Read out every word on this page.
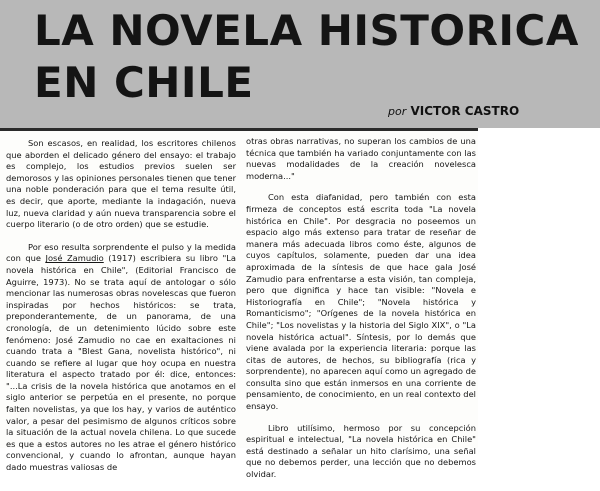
LA NOVELA HISTORICA
EN CHILE
por VICTOR CASTRO

Son escasos, en realidad, los escritores chilenos que aborden el delicado género del ensayo: el trabajo es complejo, los estudios previos suelen ser demorosos y las opiniones personales tienen que tener una noble ponderación para que el tema resulte útil, es decir, que aporte, mediante la indagación, nueva luz, nueva claridad y aún nueva transparencia sobre el cuerpo literario (o de otro orden) que se estudie.

Por eso resulta sorprendente el pulso y la medida con que José Zamudio (1917) escribiera su libro "La novela histórica en Chile", (Editorial Francisco de Aguirre, 1973). No se trata aquí de antologar o sólo mencionar las numerosas obras novelescas que fueron inspiradas por hechos históricos: se trata, preponderantemente, de un panorama, de una cronología, de un detenimiento lúcido sobre este fenómeno: José Zamudio no cae en exaltaciones ni cuando trata a "Blest Gana, novelista histórico", ni cuando se refiere al lugar que hoy ocupa en nuestra literatura el aspecto tratado por él: dice, entonces: "...La crisis de la novela histórica que anotamos en el siglo anterior se perpetúa en el presente, no porque falten novelistas, ya que los hay, y varios de auténtico valor, a pesar del pesimismo de algunos críticos sobre la situación de la actual novela chilena. Lo que sucede es que a estos autores no les atrae el género histórico convencional, y cuando lo afrontan, aunque hayan dado muestras valiosas de

otras obras narrativas, no superan los cambios de una técnica que también ha variado conjuntamente con las nuevas modalidades de la creación novelesca moderna..."

Con esta diafanidad, pero también con esta firmeza de conceptos está escrita toda "La novela histórica en Chile". Por desgracia no poseemos un espacio algo más extenso para tratar de reseñar de manera más adecuada libros como éste, algunos de cuyos capítulos, solamente, pueden dar una idea aproximada de la síntesis de que hace gala José Zamudio para enfrentarse a esta visión, tan compleja, pero que dignifica y hace tan visible: "Novela e Historiografía en Chile"; "Novela histórica y Romanticismo"; "Orígenes de la novela histórica en Chile"; "Los novelistas y la historia del Siglo XIX", o "La novela histórica actual". Síntesis, por lo demás que viene avalada por la experiencia literaria: porque las citas de autores, de hechos, su bibliografía (rica y sorprendente), no aparecen aquí como un agregado de consulta sino que están inmersos en una corriente de pensamiento, de conocimiento, en un real contexto del ensayo.

Libro utilísimo, hermoso por su concepción espiritual e intelectual, "La novela histórica en Chile" está destinado a señalar un hito clarísimo, una señal que no debemos perder, una lección que no debemos olvidar.
